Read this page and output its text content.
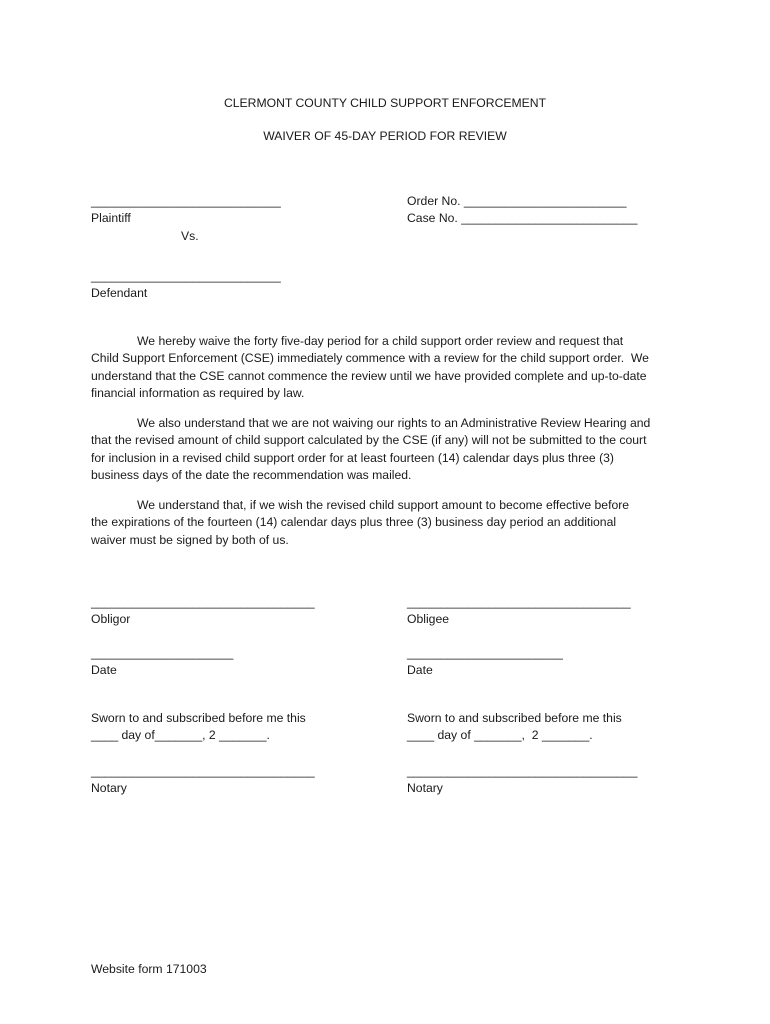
CLERMONT COUNTY CHILD SUPPORT ENFORCEMENT
WAIVER OF 45-DAY PERIOD FOR REVIEW
____________________________
Plaintiff
Vs.
____________________________
Defendant
Order No. ________________________
Case No. __________________________
We hereby waive the forty five-day period for a child support order review and request that
Child Support Enforcement (CSE) immediately commence with a review for the child support order.  We
understand that the CSE cannot commence the review until we have provided complete and up-to-date
financial information as required by law.
We also understand that we are not waiving our rights to an Administrative Review Hearing and
that the revised amount of child support calculated by the CSE (if any) will not be submitted to the court
for inclusion in a revised child support order for at least fourteen (14) calendar days plus three (3)
business days of the date the recommendation was mailed.
We understand that, if we wish the revised child support amount to become effective before
the expirations of the fourteen (14) calendar days plus three (3) business day period an additional
waiver must be signed by both of us.
_________________________________
Obligor
_________________________________
Obligee
_____________________
Date
_______________________
Date
Sworn to and subscribed before me this
____ day of_______, 2 _______.
Sworn to and subscribed before me this
____ day of _______,  2 _______.
_________________________________
Notary
__________________________________
Notary
Website form 171003
